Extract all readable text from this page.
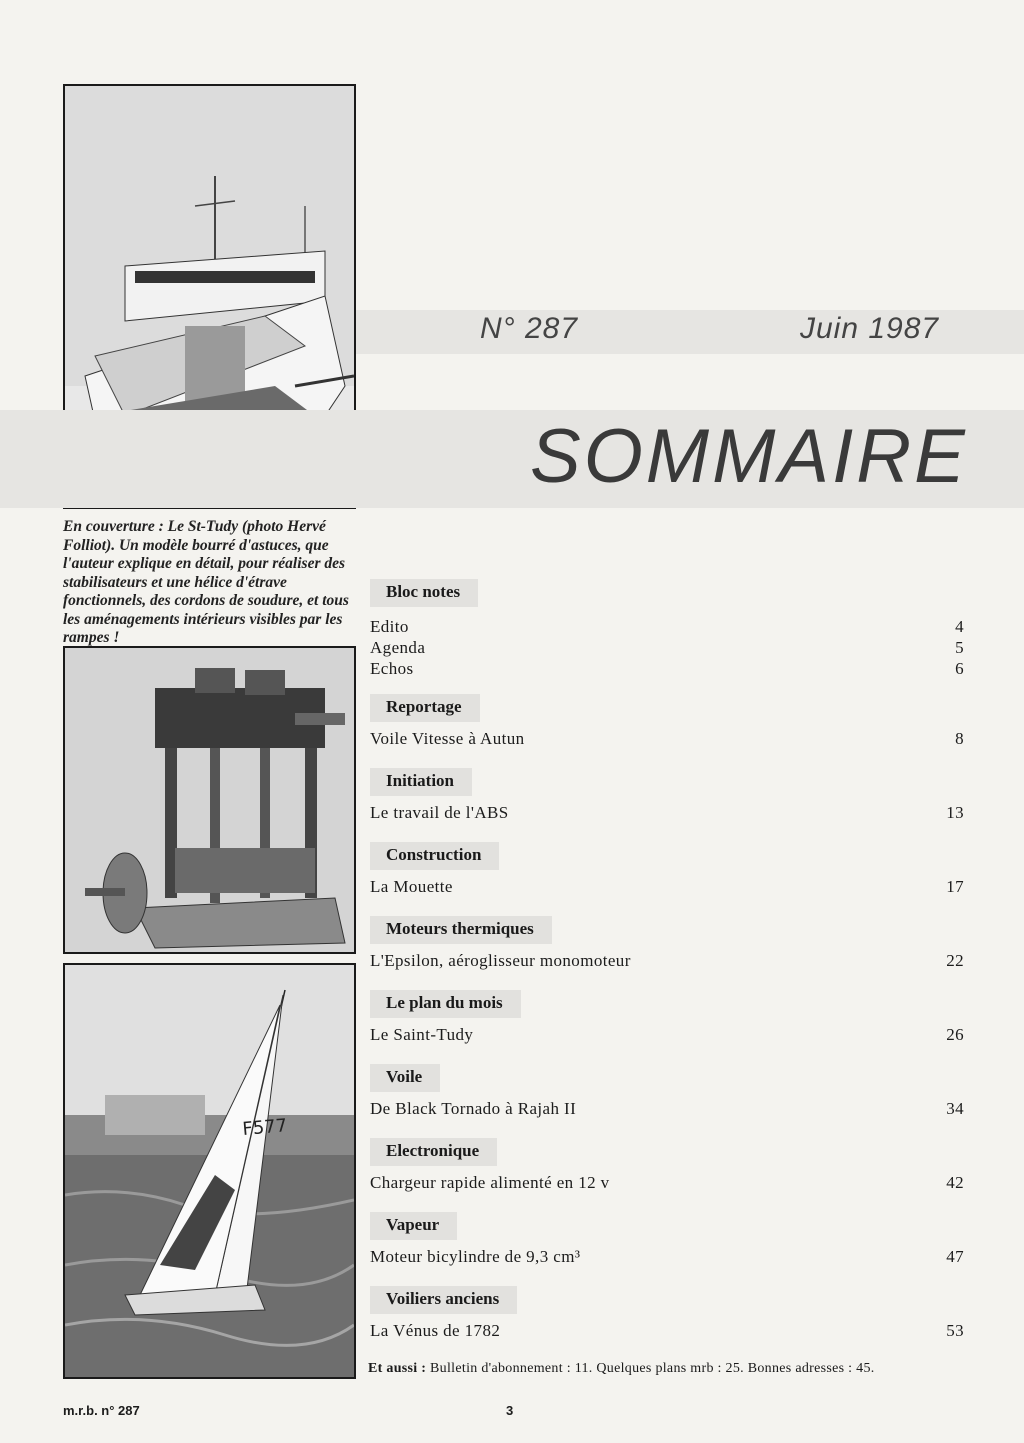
N° 287	Juin 1987
SOMMAIRE
En couverture : Le St-Tudy (photo Hervé Folliot). Un modèle bourré d'astuces, que l'auteur explique en détail, pour réaliser des stabilisateurs et une hélice d'étrave fonctionnels, des cordons de soudure, et tous les aménagements intérieurs visibles par les rampes !
F577
Bloc notes
Edito	4
Agenda	5
Echos	6
Reportage
Voile Vitesse à Autun	8
Initiation
Le travail de l'ABS	13
Construction
La Mouette	17
Moteurs thermiques
L'Epsilon, aéroglisseur monomoteur	22
Le plan du mois
Le Saint-Tudy	26
Voile
De Black Tornado à Rajah II	34
Electronique
Chargeur rapide alimenté en 12 v	42
Vapeur
Moteur bicylindre de 9,3 cm³	47
Voiliers anciens
La Vénus de 1782	53
Et aussi : Bulletin d'abonnement : 11. Quelques plans mrb : 25. Bonnes adresses : 45.
m.r.b. n° 287	3
